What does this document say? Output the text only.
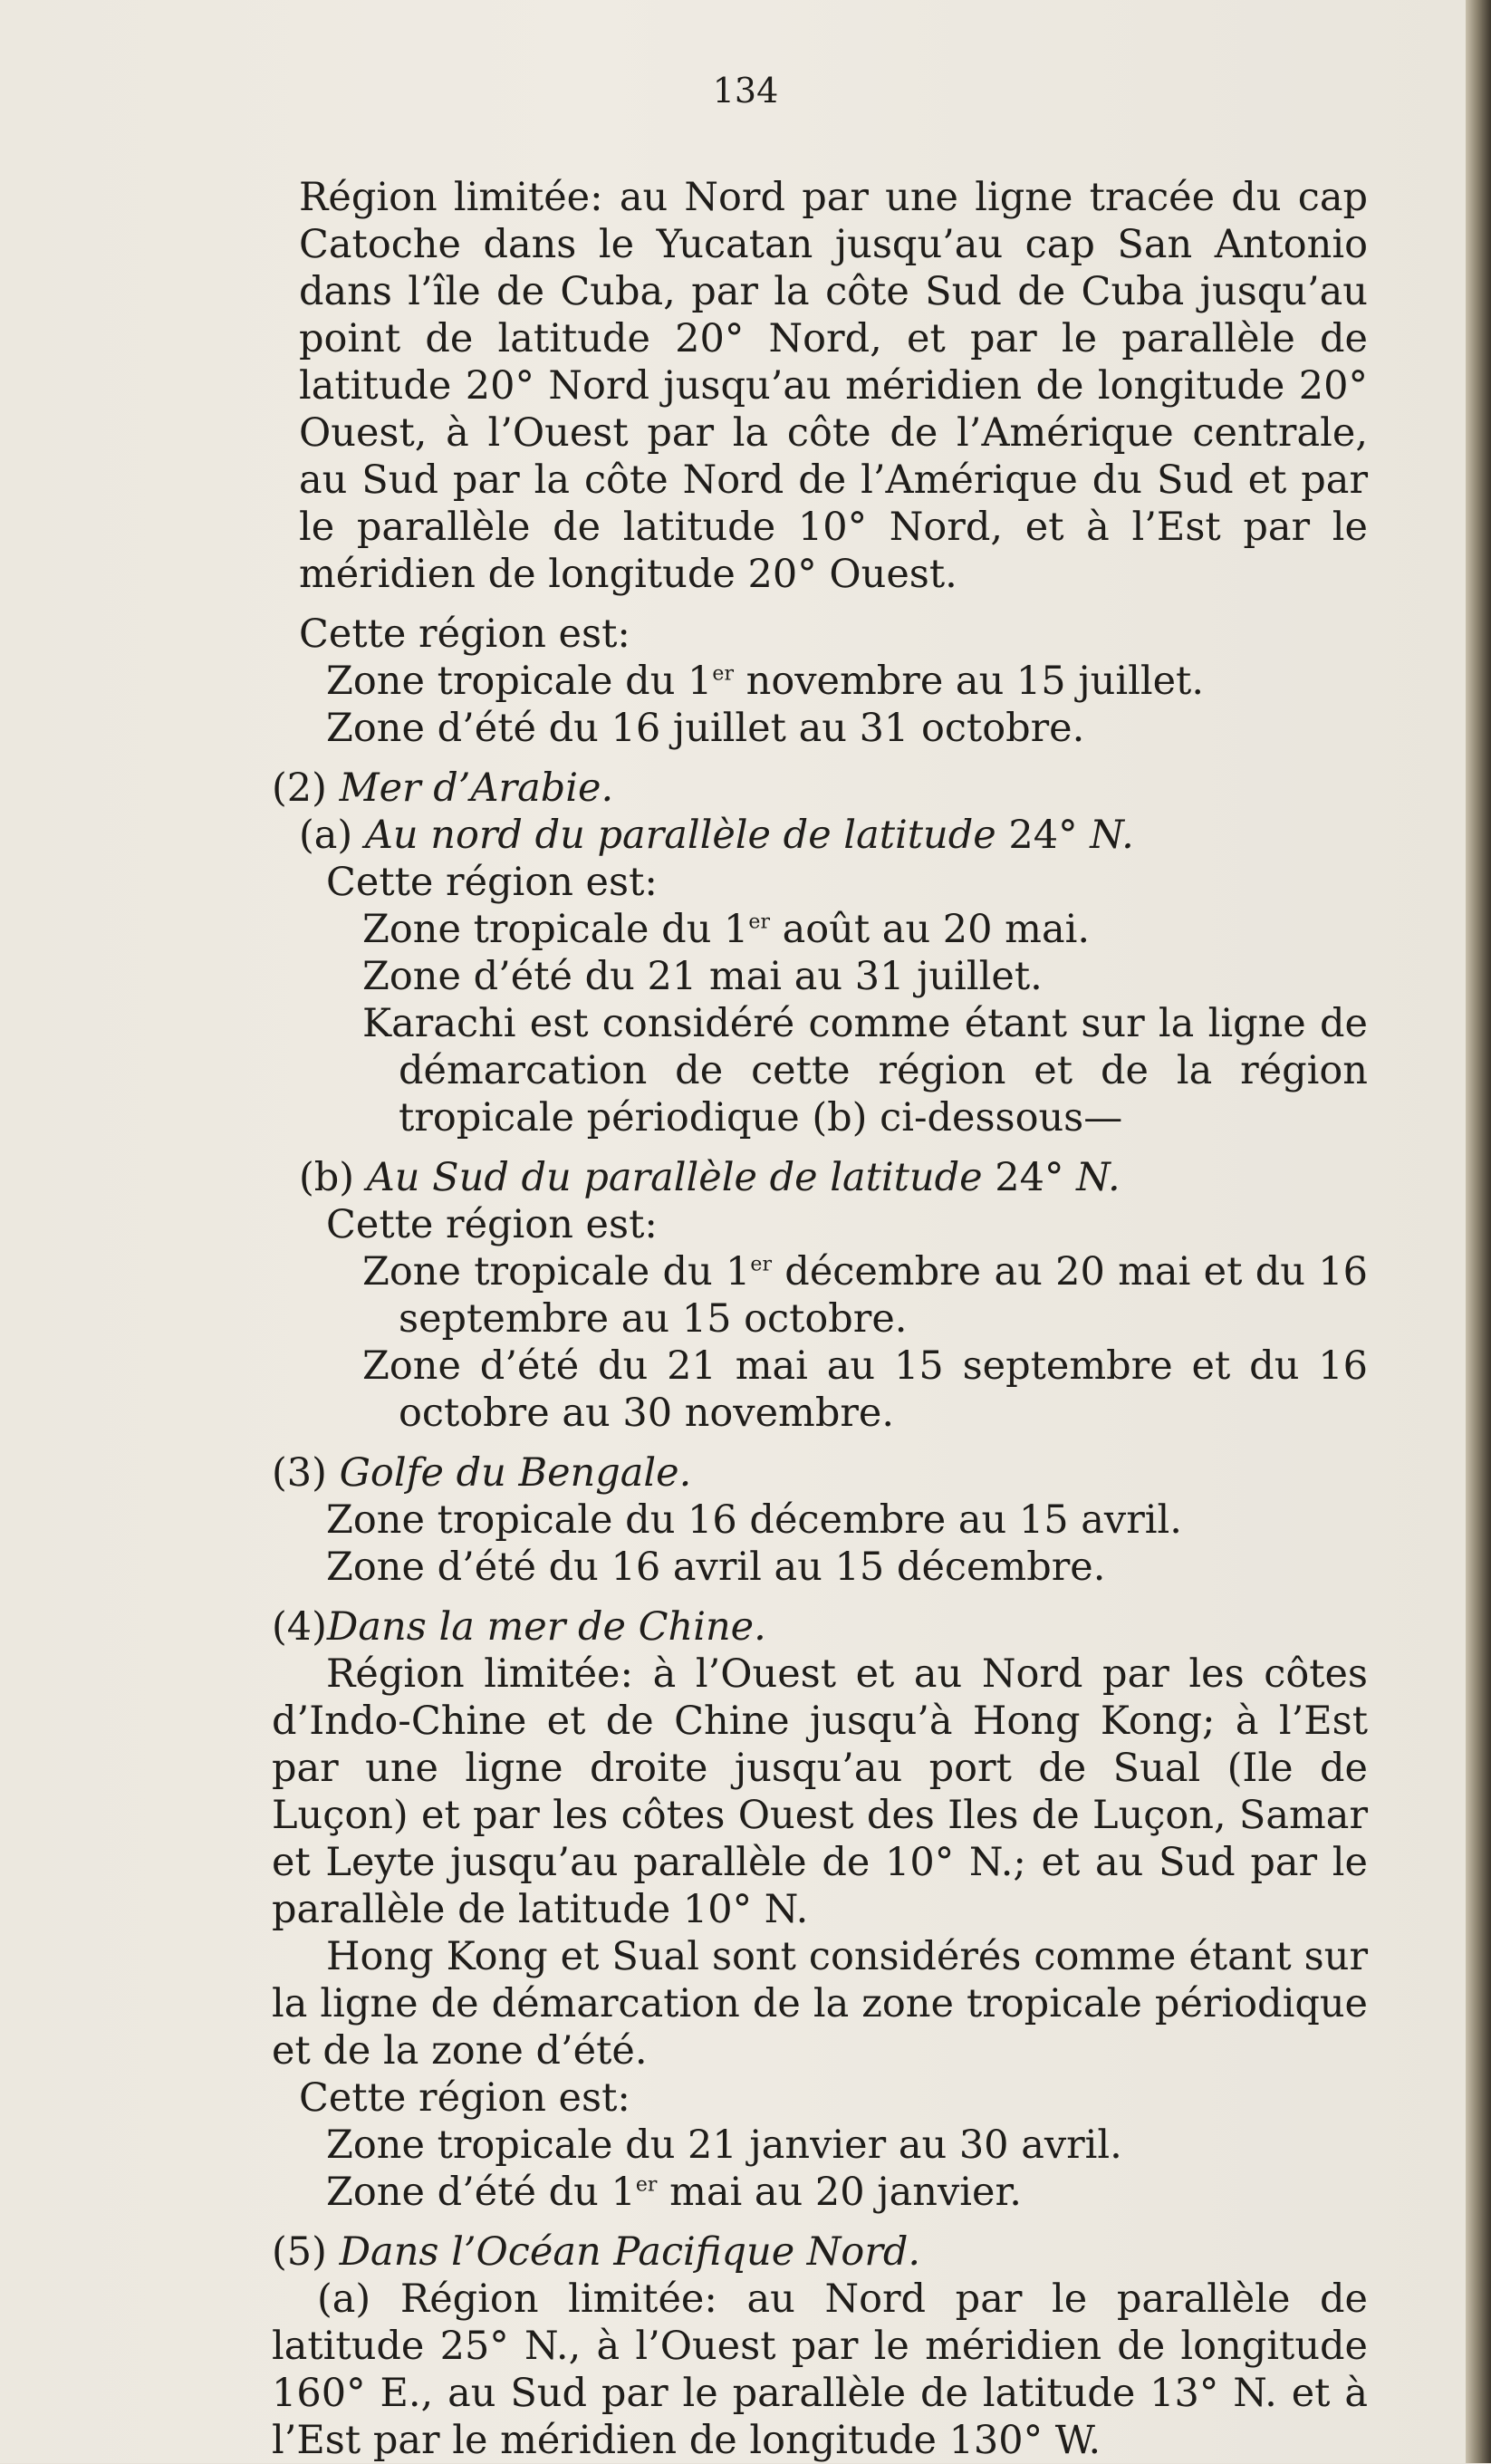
134

Région limitée: au Nord par une ligne tracée du cap Catoche dans le Yucatan jusqu’au cap San Antonio dans l’île de Cuba, par la côte Sud de Cuba jusqu’au point de latitude 20° Nord, et par le parallèle de latitude 20° Nord jusqu’au méridien de longitude 20° Ouest, à l’Ouest par la côte de l’Amérique centrale, au Sud par la côte Nord de l’Amérique du Sud et par le parallèle de latitude 10° Nord, et à l’Est par le méridien de longitude 20° Ouest.

Cette région est:

Zone tropicale du 1er novembre au 15 juillet.

Zone d’été du 16 juillet au 31 octobre.

(2) Mer d’Arabie.

(a) Au nord du parallèle de latitude 24° N.

Cette région est:

Zone tropicale du 1er août au 20 mai.

Zone d’été du 21 mai au 31 juillet.

Karachi est considéré comme étant sur la ligne de démarcation de cette région et de la région tropicale périodique (b) ci-dessous—

(b) Au Sud du parallèle de latitude 24° N.

Cette région est:

Zone tropicale du 1er décembre au 20 mai et du 16 septembre au 15 octobre.

Zone d’été du 21 mai au 15 septembre et du 16 octobre au 30 novembre.

(3) Golfe du Bengale.

Zone tropicale du 16 décembre au 15 avril.

Zone d’été du 16 avril au 15 décembre.

(4)Dans la mer de Chine.

Région limitée: à l’Ouest et au Nord par les côtes d’Indo-Chine et de Chine jusqu’à Hong Kong; à l’Est par une ligne droite jusqu’au port de Sual (Ile de Luçon) et par les côtes Ouest des Iles de Luçon, Samar et Leyte jusqu’au parallèle de 10° N.; et au Sud par le parallèle de latitude 10° N.

Hong Kong et Sual sont considérés comme étant sur la ligne de démarcation de la zone tropicale périodique et de la zone d’été.

Cette région est:

Zone tropicale du 21 janvier au 30 avril.

Zone d’été du 1er mai au 20 janvier.

(5) Dans l’Océan Pacifique Nord.

(a) Région limitée: au Nord par le parallèle de latitude 25° N., à l’Ouest par le méridien de longitude 160° E., au Sud par le parallèle de latitude 13° N. et à l’Est par le méridien de longitude 130° W.
